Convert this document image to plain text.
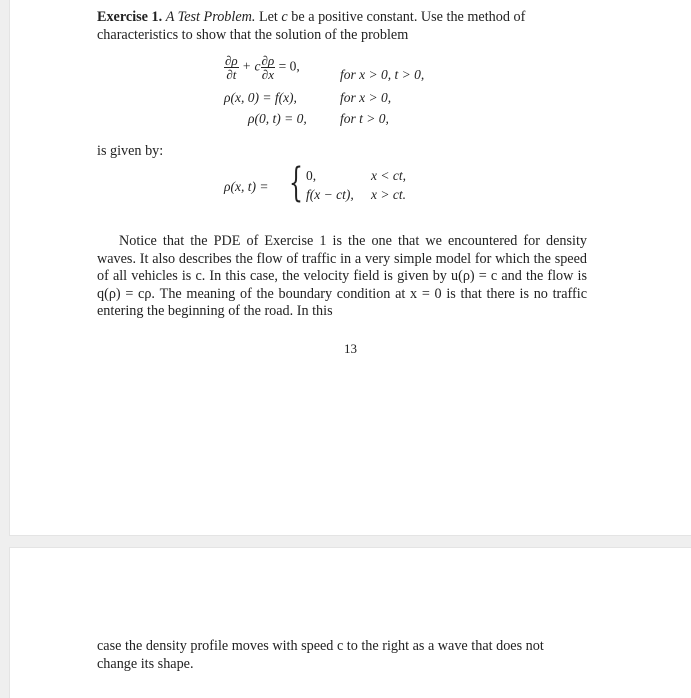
Exercise 1. A Test Problem. Let c be a positive constant. Use the method of characteristics to show that the solution of the problem
$\frac{\partial\rho}{\partial t} + c \frac{\partial\rho}{\partial x} = 0$,
for x > 0, t > 0,
ρ(x, 0) = f(x),	for x > 0,
ρ(0, t) = 0, for t > 0,
is given by:
ρ(x, t) = { 0,	x < ct,
f(x − ct), x > ct.
Notice that the PDE of Exercise 1 is the one that we encountered for density waves. It also describes the flow of traffic in a very simple model for which the speed of all vehicles is c. In this case, the velocity field is given by u(ρ) = c and the flow is q(ρ) = cρ. The meaning of the boundary condition at x = 0 is that there is no traffic entering the beginning of the road. In this
13
case the density profile moves with speed c to the right as a wave that does not change its shape.
